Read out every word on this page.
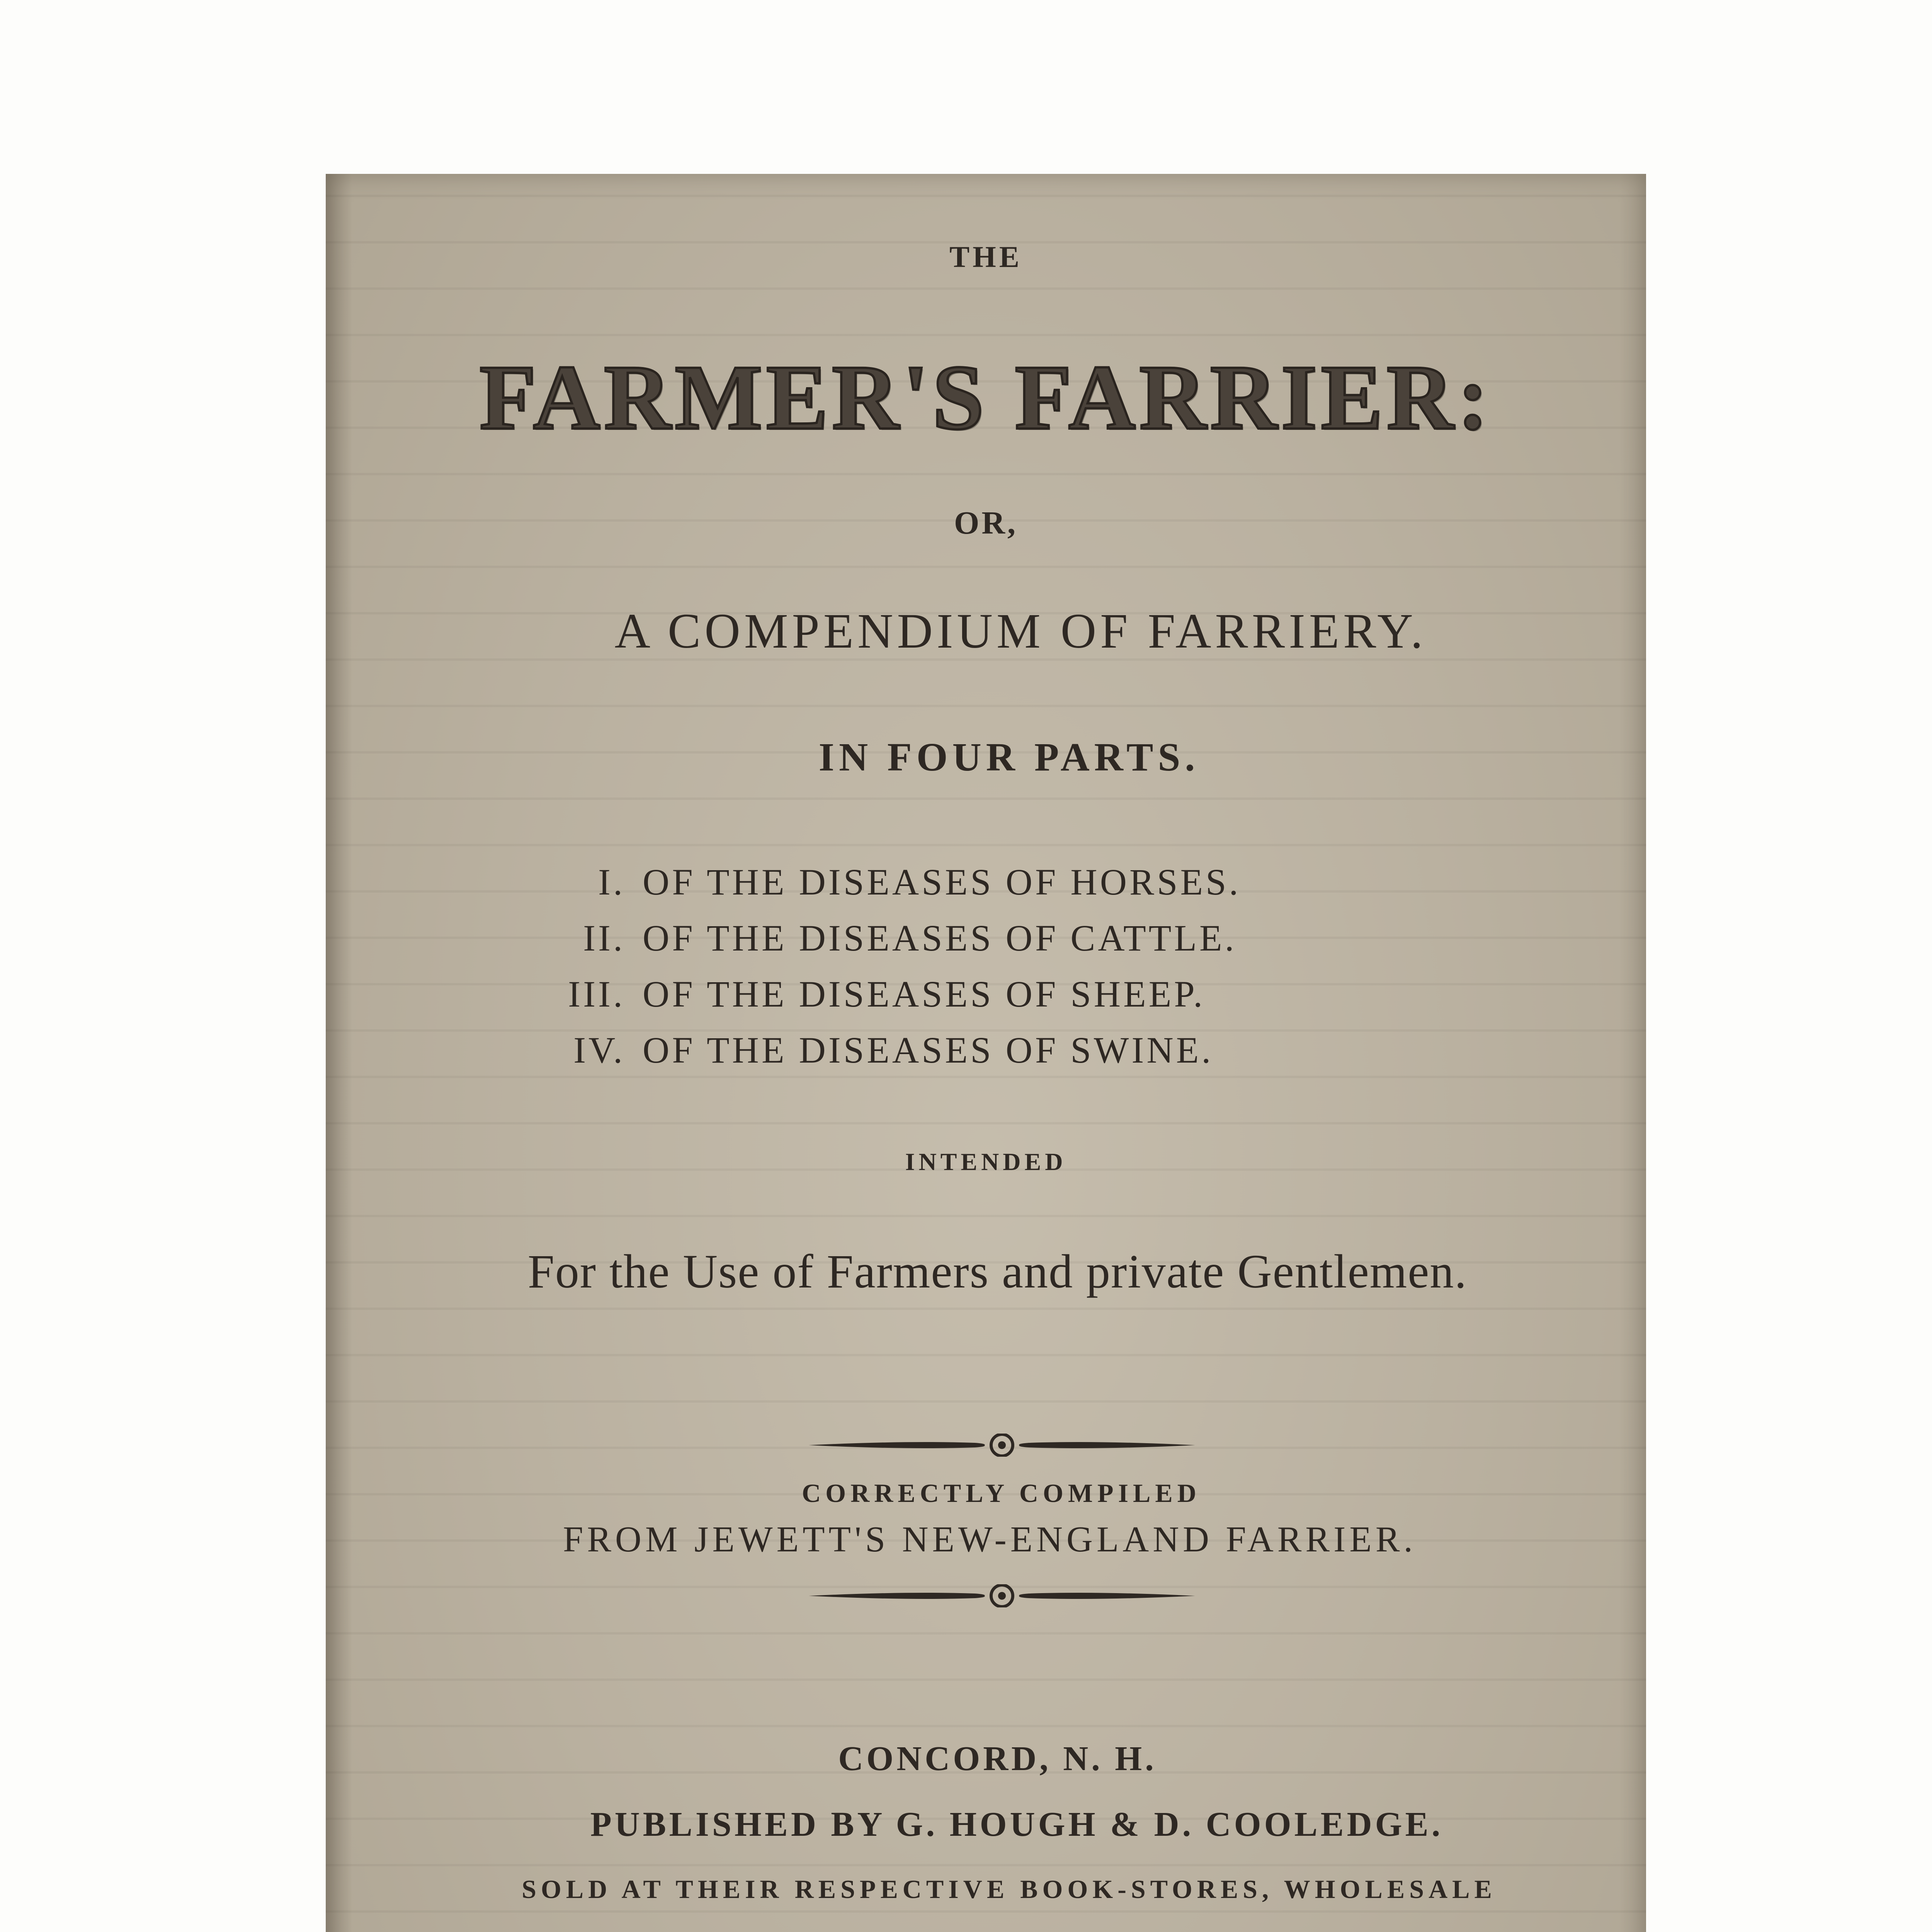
THE
FARMER'S FARRIER:
OR,
A COMPENDIUM OF FARRIERY.
IN FOUR PARTS.
I. OF THE DISEASES OF HORSES.
II. OF THE DISEASES OF CATTLE.
III. OF THE DISEASES OF SHEEP.
IV. OF THE DISEASES OF SWINE.
INTENDED
For the Use of Farmers and private Gentlemen.
CORRECTLY COMPILED
FROM JEWETT'S NEW-ENGLAND FARRIER.
CONCORD, N. H.
PUBLISHED BY G. HOUGH & D. COOLEDGE.
SOLD AT THEIR RESPECTIVE BOOK-STORES, WHOLESALE
